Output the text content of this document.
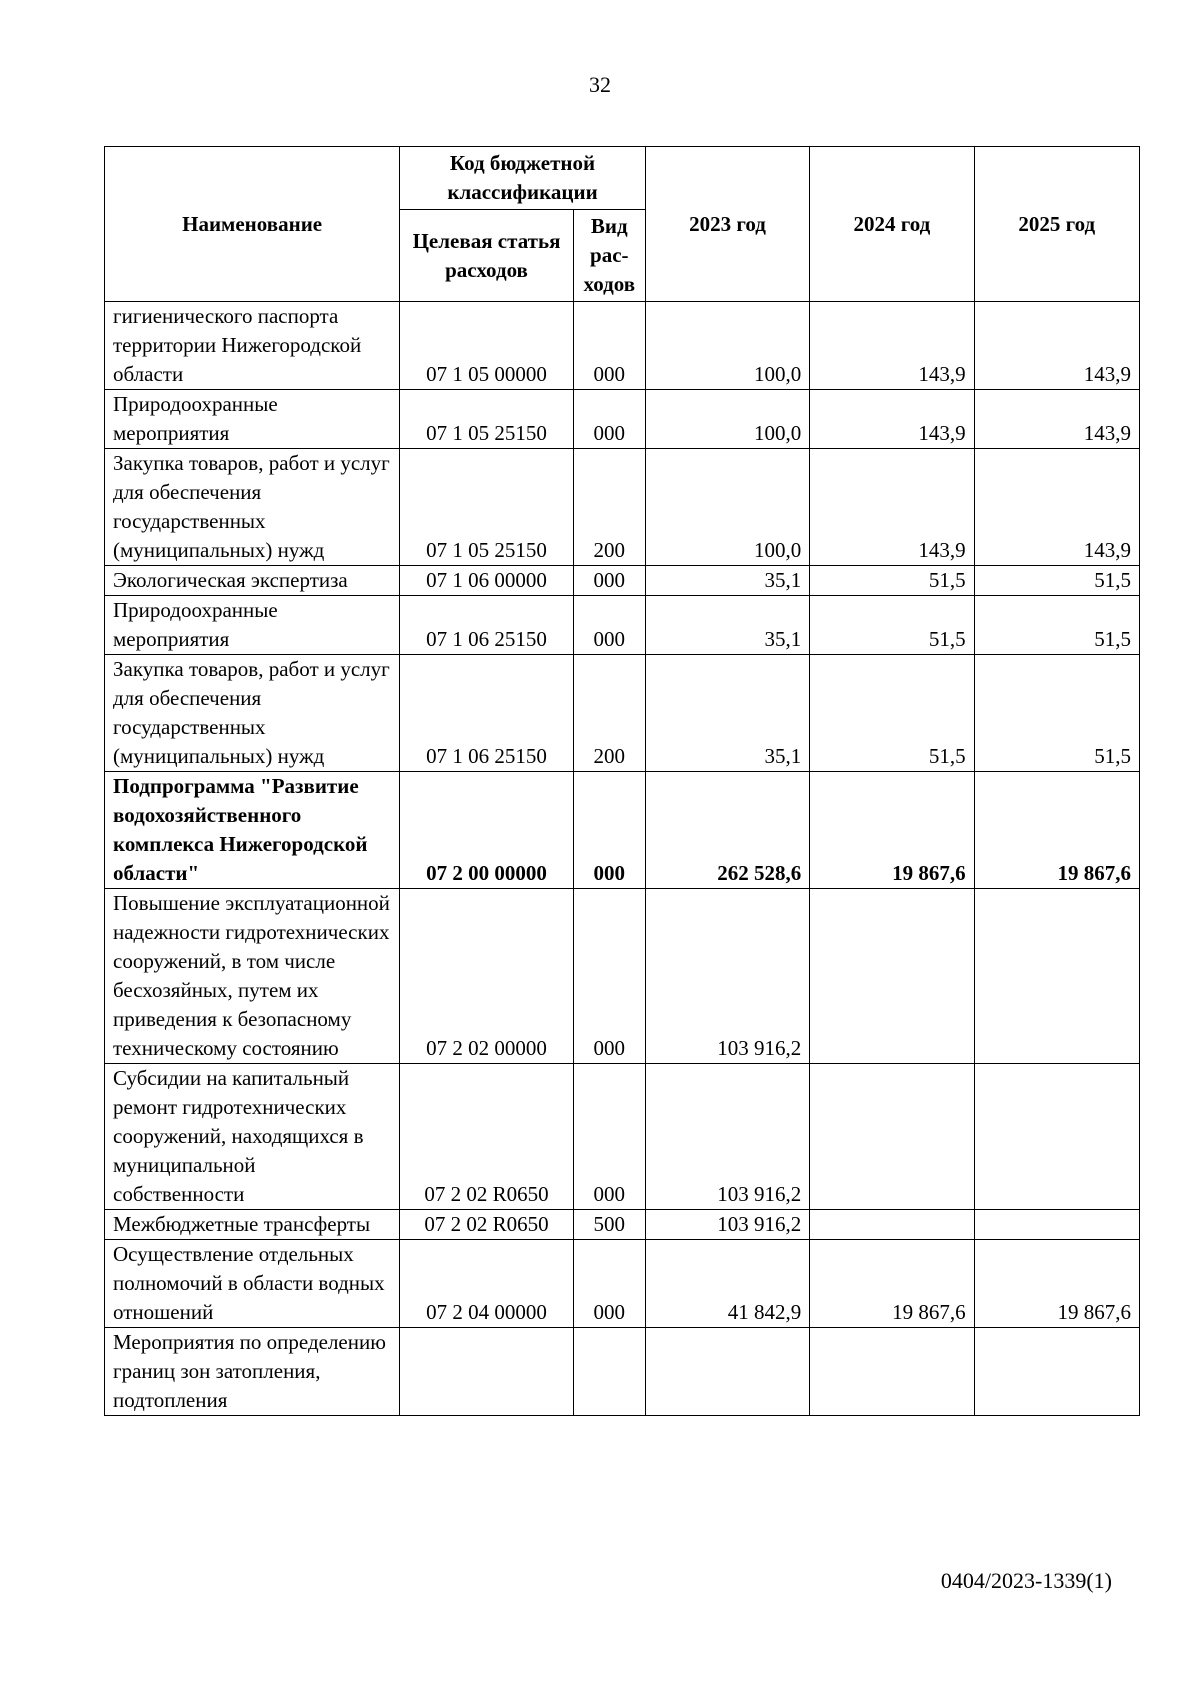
32
Наименование	Код бюджетной классификации		2023 год	2024 год	2025 год
	Целевая статья расходов	Вид рас-ходов			
гигиенического паспорта территории Нижегородской области	07 1 05 00000	000	100,0	143,9	143,9
Природоохранные мероприятия	07 1 05 25150	000	100,0	143,9	143,9
Закупка товаров, работ и услуг для обеспечения государственных (муниципальных) нужд	07 1 05 25150	200	100,0	143,9	143,9
Экологическая экспертиза	07 1 06 00000	000	35,1	51,5	51,5
Природоохранные мероприятия	07 1 06 25150	000	35,1	51,5	51,5
Закупка товаров, работ и услуг для обеспечения государственных (муниципальных) нужд	07 1 06 25150	200	35,1	51,5	51,5
Подпрограмма "Развитие водохозяйственного комплекса Нижегородской области"	07 2 00 00000	000	262 528,6	19 867,6	19 867,6
Повышение эксплуатационной надежности гидротехнических сооружений, в том числе бесхозяйных, путем их приведения к безопасному техническому состоянию	07 2 02 00000	000	103 916,2		
Субсидии на капитальный ремонт гидротехнических сооружений, находящихся в муниципальной собственности	07 2 02 R0650	000	103 916,2		
Межбюджетные трансферты	07 2 02 R0650	500	103 916,2		
Осуществление отдельных полномочий в области водных отношений	07 2 04 00000	000	41 842,9	19 867,6	19 867,6
Мероприятия по определению границ зон затопления, подтопления					
0404/2023-1339(1)
